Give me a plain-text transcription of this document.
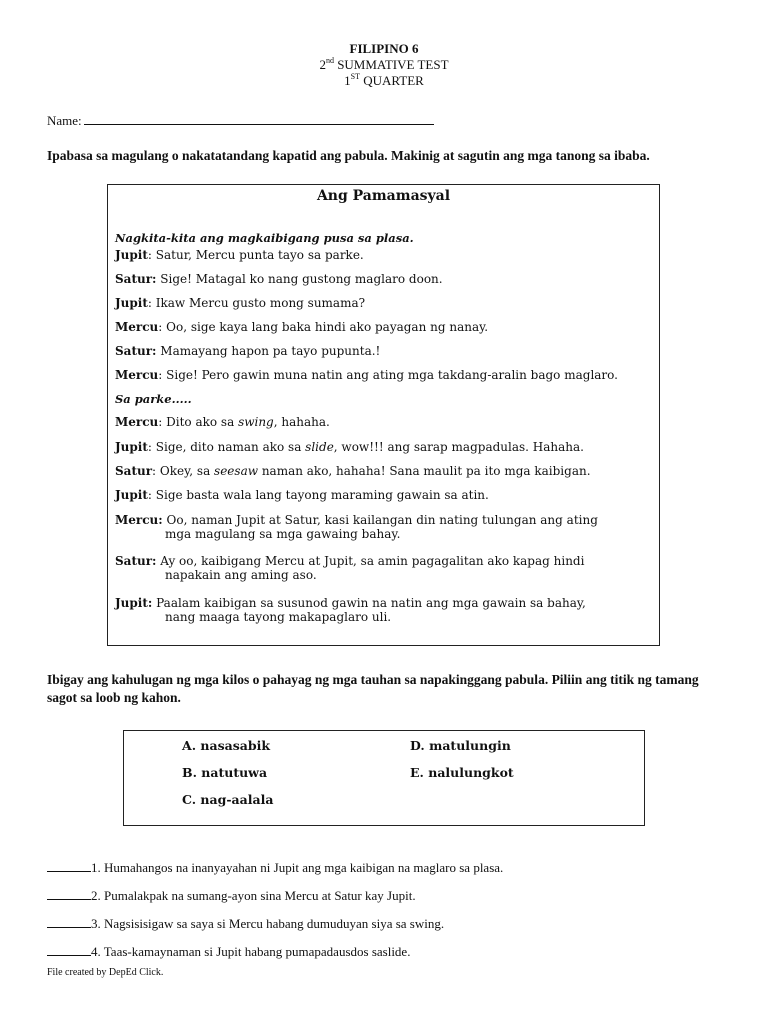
FILIPINO 6
2nd SUMMATIVE TEST
1ST QUARTER
Name:
Ipabasa sa magulang o nakatatandang kapatid ang pabula. Makinig at sagutin ang mga tanong sa ibaba.
Ang Pamamasyal
Nagkita-kita ang magkaibigang pusa sa plasa.
Jupit: Satur, Mercu punta tayo sa parke.
Satur: Sige! Matagal ko nang gustong maglaro doon.
Jupit: Ikaw Mercu gusto mong sumama?
Mercu: Oo, sige kaya lang baka hindi ako payagan ng nanay.
Satur: Mamayang hapon pa tayo pupunta.!
Mercu: Sige! Pero gawin muna natin ang ating mga takdang-aralin bago maglaro.
Sa parke.....
Mercu: Dito ako sa swing, hahaha.
Jupit: Sige, dito naman ako sa slide, wow!!! ang sarap magpadulas. Hahaha.
Satur: Okey, sa seesaw naman ako, hahaha! Sana maulit pa ito mga kaibigan.
Jupit: Sige basta wala lang tayong maraming gawain sa atin.
Mercu: Oo, naman Jupit at Satur, kasi kailangan din nating tulungan ang ating
mga magulang sa mga gawaing bahay.
Satur: Ay oo, kaibigang Mercu at Jupit, sa amin pagagalitan ako kapag hindi
napakain ang aming aso.
Jupit: Paalam kaibigan sa susunod gawin na natin ang mga gawain sa bahay,
nang maaga tayong makapaglaro uli.
Ibigay ang kahulugan ng mga kilos o pahayag ng mga tauhan sa napakinggang pabula. Piliin ang titik ng tamang sagot sa loob ng kahon.
A. nasasabik
B. natutuwa
C. nag-aalala
D. matulungin
E. nalulungkot
1. Humahangos na inanyayahan ni Jupit ang mga kaibigan na maglaro sa plasa.
2. Pumalakpak na sumang-ayon sina Mercu at Satur kay Jupit.
3. Nagsisisigaw sa saya si Mercu habang dumuduyan siya sa swing.
4. Taas-kamaynaman si Jupit habang pumapadausdos saslide.
File created by DepEd Click.
